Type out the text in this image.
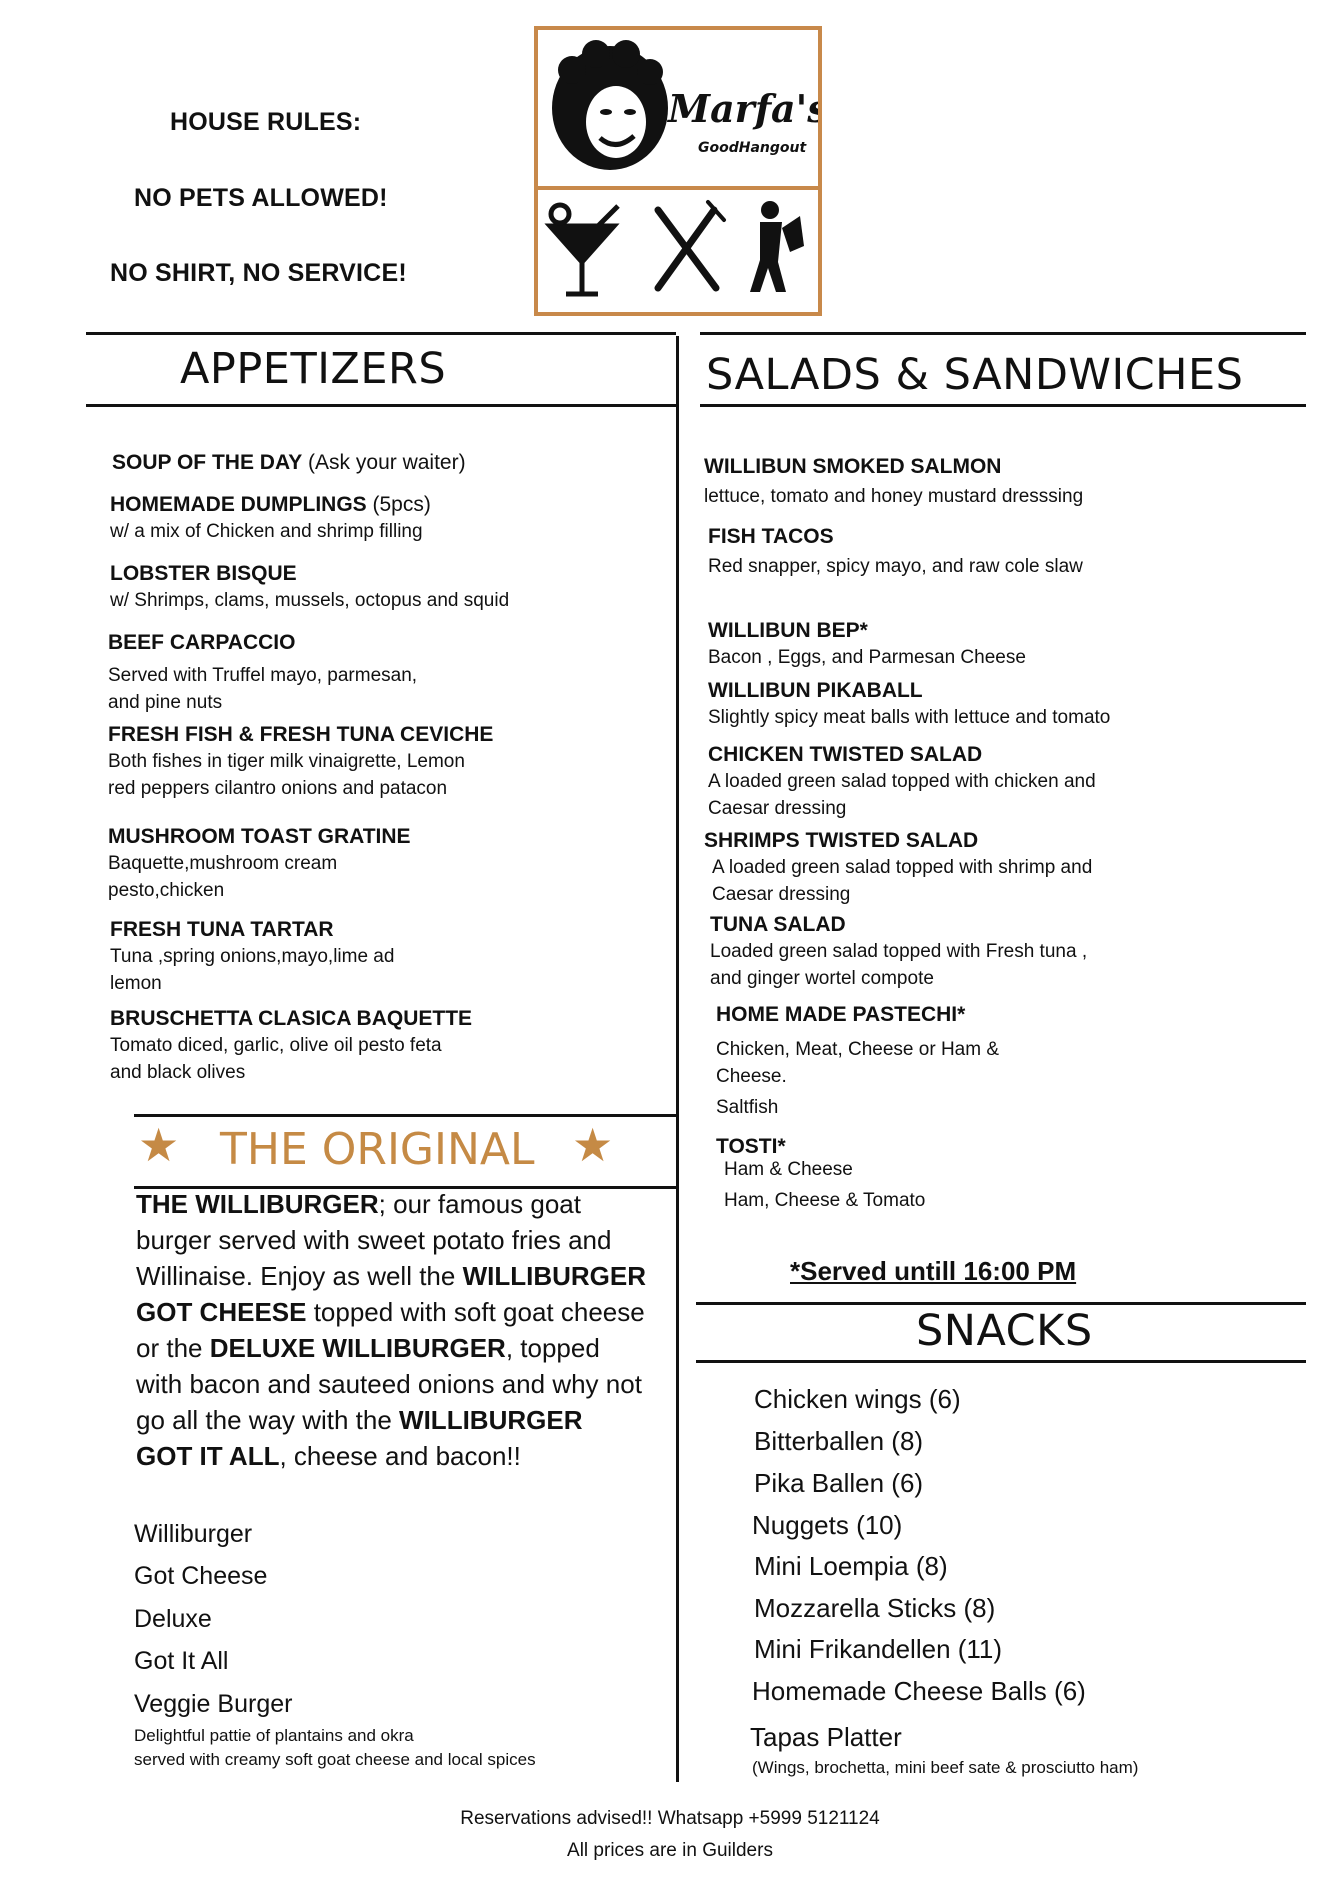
HOUSE RULES:
NO PETS ALLOWED!
NO SHIRT, NO SERVICE!
Marfa's
GoodHangout
APPETIZERS
SOUP OF THE DAY (Ask your waiter)
HOMEMADE DUMPLINGS (5pcs)
w/ a mix of Chicken and shrimp filling
LOBSTER BISQUE
w/ Shrimps, clams, mussels, octopus and squid
BEEF CARPACCIO
Served with Truffel mayo, parmesan,
and pine nuts
FRESH FISH & FRESH TUNA CEVICHE
Both fishes in tiger milk vinaigrette, Lemon
red peppers cilantro onions and patacon
MUSHROOM TOAST GRATINE
Baquette,mushroom cream
pesto,chicken
FRESH TUNA TARTAR
Tuna ,spring onions,mayo,lime ad
lemon
BRUSCHETTA CLASICA BAQUETTE
Tomato diced, garlic, olive oil pesto feta
and black olives
★ THE ORIGINAL ★
THE WILLIBURGER; our famous goat burger served with sweet potato fries and Willinaise. Enjoy as well the WILLIBURGER GOT CHEESE topped with soft goat cheese or the DELUXE WILLIBURGER, topped with bacon and sauteed onions and why not go all the way with the WILLIBURGER GOT IT ALL, cheese and bacon!!
Williburger
Got Cheese
Deluxe
Got It All
Veggie Burger
Delightful pattie of plantains and okra
served with creamy soft goat cheese and local spices
SALADS & SANDWICHES
WILLIBUN SMOKED SALMON
lettuce, tomato and honey mustard dresssing
FISH TACOS
Red snapper, spicy mayo, and raw cole slaw
WILLIBUN BEP*
Bacon , Eggs, and Parmesan Cheese
WILLIBUN PIKABALL
Slightly spicy meat balls with lettuce and tomato
CHICKEN TWISTED SALAD
A loaded green salad topped with chicken and
Caesar dressing
SHRIMPS TWISTED SALAD
A loaded green salad topped with shrimp and
Caesar dressing
TUNA SALAD
Loaded green salad topped with Fresh tuna ,
and ginger wortel compote
HOME MADE PASTECHI*
Chicken, Meat, Cheese or Ham &
Cheese.
Saltfish
TOSTI*
Ham & Cheese
Ham, Cheese & Tomato
*Served untill 16:00 PM
SNACKS
Chicken wings (6)
Bitterballen (8)
Pika Ballen (6)
Nuggets (10)
Mini Loempia (8)
Mozzarella Sticks (8)
Mini Frikandellen (11)
Homemade Cheese Balls (6)
Tapas Platter
(Wings, brochetta, mini beef sate & prosciutto ham)
Reservations advised!! Whatsapp +5999 5121124
All prices are in Guilders
